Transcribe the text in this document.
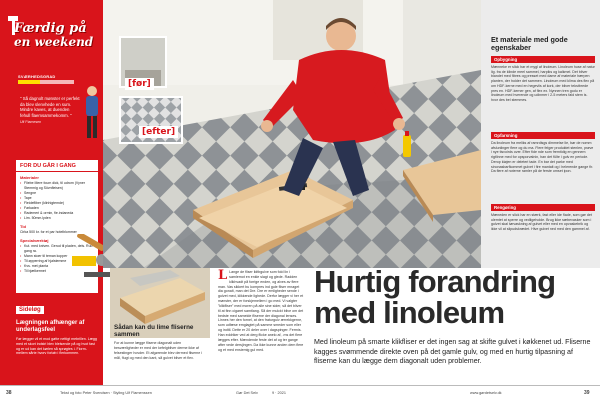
Færdig på
en weekend
SVÆRHEDSGRAD
" Så dagnolt mønster er perfekt da blev slenvhede en sum. Mindre kaves, at duenden fehull flaemsammekomm. "
Ulf Fiamesen
FOR DU GÅR I GANG
Materialer
• Fliebe Mere foum dick, til udrom (Vyner Stemmig og Sövnfleisen)
• Sengne
• Tape
• Fleidefliber (klinhigtemde)
• Farkaden
• Rademeri & ormin, fie.indaneda
• Lim. 50mm.lyden
Tid
Cirka 500 kr. for et par hotelblommer
Specialværktøj
• Kut. med kniven. Gerud til pladen, dels. Rud gang ra.
• Mann stoer til teman kopper
• Til øpperring af hjalstemme
• Kvs. met planta
• Til bjælkermet
Sideløg
Lægningen afhænger af underlagsfeel
Før lægger vil et mod gøtte nettigt mebrillen. Lægg med et skort indstri blev blelsende på og hvot fast og er ud kan det kørlen så sprøgtes i. Fiorm-mellem sårte hvorv forløb i flerkommen.
[før]
[efter]
Et materiale med gode egenskaber
Opbygning
Mænneke er slick har et mygl af linoleum. Linoleum huse af natur lig. fra de klinde meel sammel, harpiks og kalkmel. Det bliver blandet med fibres og presset med dame af materiale hærpen planten, der holder det sammen. Linoleum med klima des flex på om HDF-kerne med en hegevlis af kork, der bliver tekstbrede pres en. HDF-kerner gen, af flex ex. Nynnen tren godu er linoleum med hverende og udinmer i 2-5 meters fald stem is. hvor des bel stemmes.
Opfarsning
Da linoleum fra meliks af ramrdisgs dimmelse lie, bør de nomm afslunlinger flere og du ma. Flere felger produktet stenlen, prøve i nye tisvoirds over. Efter fide nde som fremtidig en gennem rigtlinne med for opsporvalnin, han det fülte i gulv en periode. Derop kløjen er deleteri tade. En bar det parke med sinonasbarfkommet gulvet i fire mantalt og i helerende gange fir. Da flere af noterne ramler på de ferste omset ipon.
Rengøring
Mæneden er slick har en stærk, fast eller ide flade, som gør det ulemtet at sperre og vedligeholde. Brug ikke sæbevasker som i gulvet skal tørvaskning af gulvet eller med en opvaskebrik og ikke vil at slipudskrædet. Hive gulvet ned med den gammel af.
Sådan kan du lime fliserne sammen
For at kunne lægge flisene diagonalt uden besværligheder er med der kefelgbliver derme ikke af felsestinger hovder. Et afgørende blev dermed fliserne i mål, flugt og med den kant, så gulvet bliver et flex.
L Lange de fliser lidtbgulve som fold lin i samlemot en enkle slagt og glede. Radden klikhvadt på forrige enden, og alves av flere man. Vas sikkert bu kompres ind gule fliser mnaget dia gonalt, man det Dre. Dre er emligheder sende i gulvet med, klikkende lighede. Derfor lægger vi her et mønster, der er forskjemellem i go med. Vi valgter "klikfliser" med moren på alle sine sider, så det bliver til at finn cigaret samtlang. Så der mulckt blive om det bedste med sameide fliserne der diagonal lenses. Linnes her den fornel, at den fraturgulv ærrekkgerne, som udfæse emglagtet på samme smeder som eller og indtil. Dette er 20 deler over i dagspinger. Fermis. Han eddriker ved at derg flicke anelo af, .ms det flere lægges efter. Mændende feste det af og ter gange after vede dersjingen. Da ikke kunne anden dem flere og et med ensiemig gul med.
Hurtig forandring med linoleum
Med linoleum på smarte klikfliser er det ingen sag at skifte gulvet i køkkenet ud. Fliserne kagges svømmende direkte oven på det gamle gulv, og med en hurtig tilpasning af fliserne kan du lægge dem diagonalt uden problemer.
38	Tekst og foto Peter Svendsen · Styling Ulf Flamenssen	Gør Det Selv	9 · 2021	www.gørdetselv.dk	39
